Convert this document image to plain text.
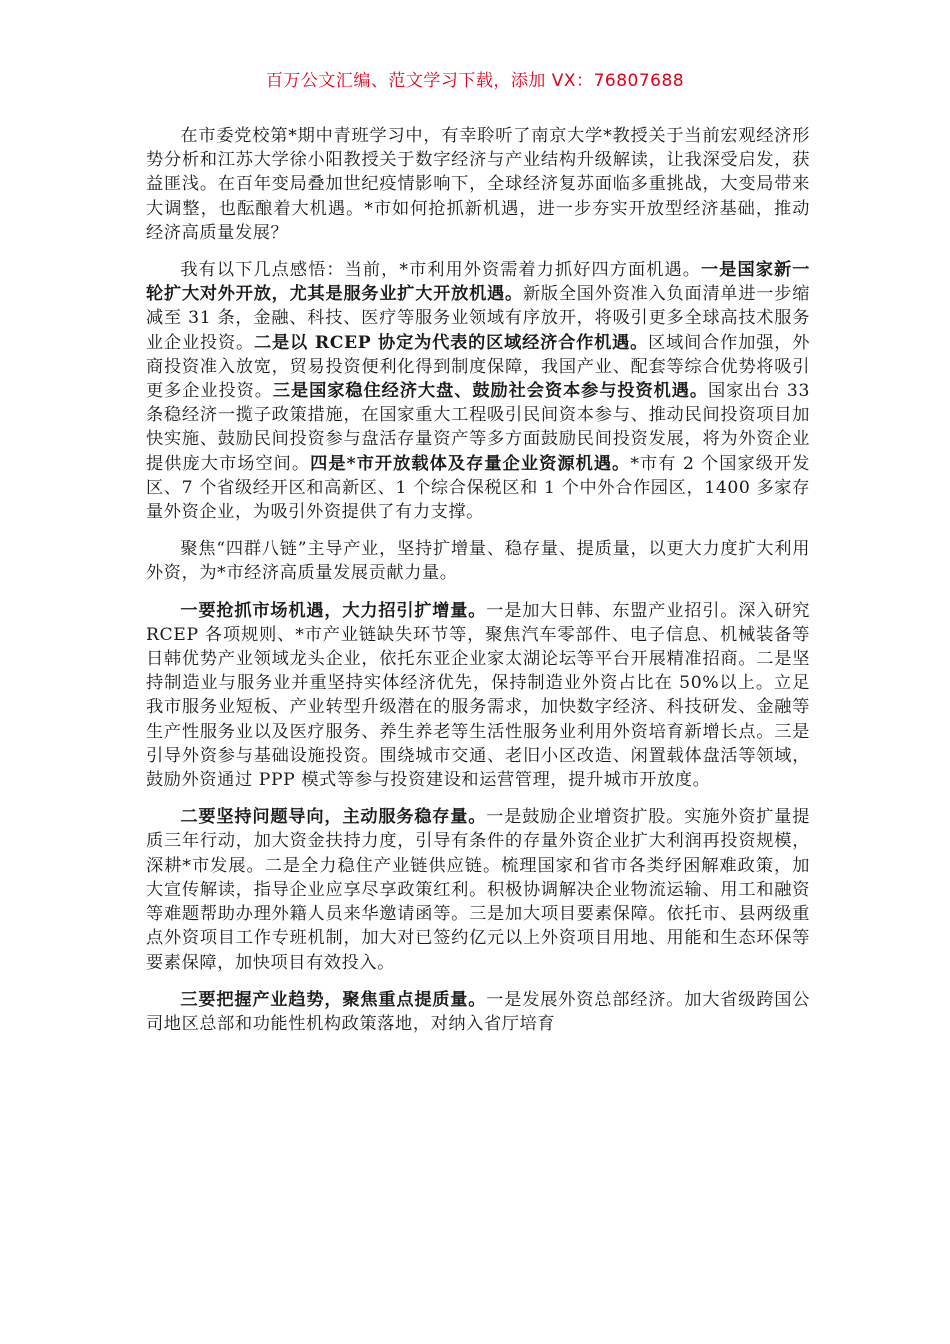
百万公文汇编、范文学习下载，添加 VX：76807688

在市委党校第*期中青班学习中，有幸聆听了南京大学*教授关于当前宏观经济形势分析和江苏大学徐小阳教授关于数字经济与产业结构升级解读，让我深受启发，获益匪浅。在百年变局叠加世纪疫情影响下，全球经济复苏面临多重挑战，大变局带来大调整，也酝酿着大机遇。*市如何抢抓新机遇，进一步夯实开放型经济基础，推动经济高质量发展？

我有以下几点感悟：当前，*市利用外资需着力抓好四方面机遇。一是国家新一轮扩大对外开放，尤其是服务业扩大开放机遇。新版全国外资准入负面清单进一步缩减至 31 条，金融、科技、医疗等服务业领域有序放开，将吸引更多全球高技术服务业企业投资。二是以 RCEP 协定为代表的区域经济合作机遇。区域间合作加强，外商投资准入放宽，贸易投资便利化得到制度保障，我国产业、配套等综合优势将吸引更多企业投资。三是国家稳住经济大盘、鼓励社会资本参与投资机遇。国家出台 33 条稳经济一揽子政策措施，在国家重大工程吸引民间资本参与、推动民间投资项目加快实施、鼓励民间投资参与盘活存量资产等多方面鼓励民间投资发展，将为外资企业提供庞大市场空间。四是*市开放载体及存量企业资源机遇。*市有 2 个国家级开发区、7 个省级经开区和高新区、1 个综合保税区和 1 个中外合作园区，1400 多家存量外资企业，为吸引外资提供了有力支撑。

聚焦“四群八链”主导产业，坚持扩增量、稳存量、提质量，以更大力度扩大利用外资，为*市经济高质量发展贡献力量。

一要抢抓市场机遇，大力招引扩增量。一是加大日韩、东盟产业招引。深入研究 RCEP 各项规则、*市产业链缺失环节等，聚焦汽车零部件、电子信息、机械装备等日韩优势产业领域龙头企业，依托东亚企业家太湖论坛等平台开展精准招商。二是坚持制造业与服务业并重坚持实体经济优先，保持制造业外资占比在 50%以上。立足我市服务业短板、产业转型升级潜在的服务需求，加快数字经济、科技研发、金融等生产性服务业以及医疗服务、养生养老等生活性服务业利用外资培育新增长点。三是引导外资参与基础设施投资。围绕城市交通、老旧小区改造、闲置载体盘活等领域，鼓励外资通过 PPP 模式等参与投资建设和运营管理，提升城市开放度。

二要坚持问题导向，主动服务稳存量。一是鼓励企业增资扩股。实施外资扩量提质三年行动，加大资金扶持力度，引导有条件的存量外资企业扩大利润再投资规模，深耕*市发展。二是全力稳住产业链供应链。梳理国家和省市各类纾困解难政策，加大宣传解读，指导企业应享尽享政策红利。积极协调解决企业物流运输、用工和融资等难题帮助办理外籍人员来华邀请函等。三是加大项目要素保障。依托市、县两级重点外资项目工作专班机制，加大对已签约亿元以上外资项目用地、用能和生态环保等要素保障，加快项目有效投入。

三要把握产业趋势，聚焦重点提质量。一是发展外资总部经济。加大省级跨国公司地区总部和功能性机构政策落地，对纳入省厅培育
